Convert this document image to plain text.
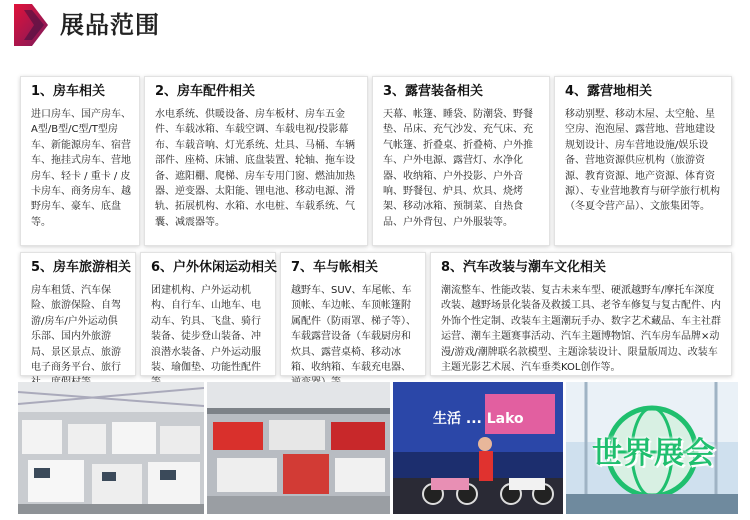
展品范围
1、房车相关

进口房车、国产房车、A型/B型/C型/T型房车、新能源房车、宿营车、拖挂式房车、营地房车、轻卡 / 重卡 / 皮卡房车、商务房车、越野房车、豪车、底盘等。

2、房车配件相关

水电系统、供暖设备、房车板材、房车五金件、车载冰箱、车载空调、车载电视/投影幕布、车载音响、灯光系统、灶具、马桶、车辆部件、座椅、床铺、底盘装置、轮轴、拖车设备、遮阳棚、爬梯、房车专用门窗、燃油加热器、逆变器、太阳能、锂电池、移动电源、滑轨、拓展机构、水箱、水电桩、车载系统、气囊、减震器等。

3、露营装备相关

天幕、帐篷、睡袋、防潮袋、野餐垫、吊床、充气沙发、充气床、充气帐篷、折叠桌、折叠椅、户外推车、户外电源、露营灯、水净化器、收纳箱、户外投影、户外音响、野餐包、炉具、炊具、烧烤架、移动冰箱、预制菜、自热食品、户外背包、户外服装等。

4、露营地相关

移动别墅、移动木屋、太空舱、星空房、泡泡屋、露营地、营地建设规划设计、房车营地设施/娱乐设备、营地资源供应机构（旅游资源、教育资源、地产资源、体育资源）、专业营地教育与研学旅行机构（冬夏令营产品）、文旅集团等。

5、房车旅游相关

房车租赁、汽车保险、旅游保险、自驾游/房车/户外运动俱乐部、国内外旅游局、景区景点、旅游电子商务平台、旅行

6、户外休闲运动相关

团建机构、户外运动机构、自行车、山地车、电动车、钓具、飞盘、骑行装备、徒步登山装备、冲浪潜水装备、户外运动服装、瑜伽垫、功能性配件

7、车与帐相关

越野车、SUV、车尾帐、车顶帐、车边帐、车顶帐篷附属配件（防雨罩、梯子等）、车载露营设备（车载厨房和炊具、露营桌椅、移动冰箱、收纳箱、车载充电器、

8、汽车改装与潮车文化相关

潮流整车、性能改装、复古未来车型、硬派越野车/摩托车深度改装、越野场景化装备及救援工具、老爷车修复与复古配件、内外饰个性定制、改装车主题潮玩手办、数字艺术藏品、车主社群运营、潮车主题赛事活动、汽车主题博物馆、汽车房车品牌×动漫/游戏/潮牌联名款模型、主题涂装设计、限量版周边、改装车主题光影艺术展、汽车垂类KOL创作等。

生活 ... Lako
世界展会
